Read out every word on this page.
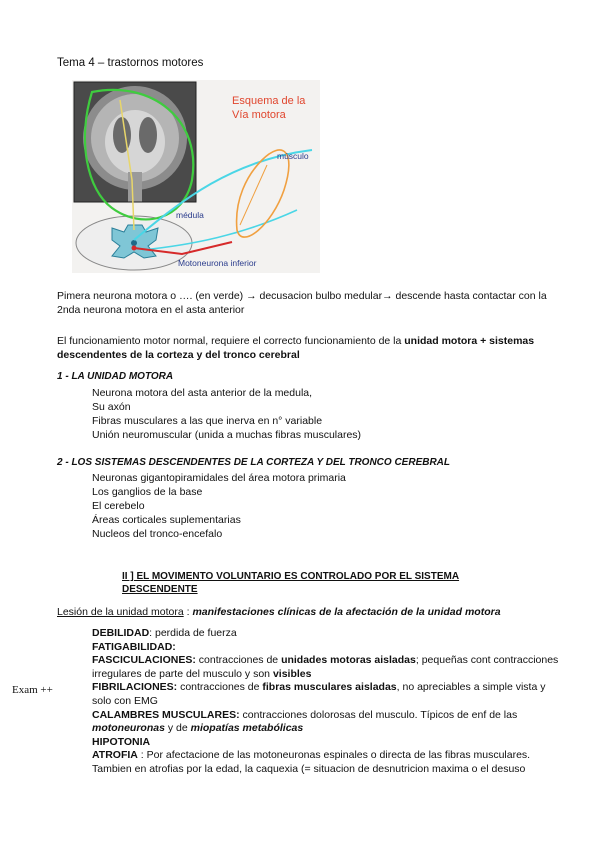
Tema 4 – trastornos motores
Esquema de la
Vía motora
músculo
médula
Motoneurona inferior
Pimera neurona motora o …. (en verde) → decusacion bulbo medular→ descende hasta contactar con la 2nda neurona motora en el asta anterior
El funcionamiento motor normal, requiere el correcto funcionamiento de la unidad motora + sistemas descendentes de la corteza y del tronco cerebral
1 - LA UNIDAD MOTORA
Neurona motora del asta anterior de la medula,
Su axón
Fibras musculares a las que inerva en n° variable
Unión neuromuscular (unida a muchas fibras musculares)
2 - LOS SISTEMAS DESCENDENTES DE LA CORTEZA Y DEL TRONCO CEREBRAL
Neuronas gigantopiramidales del área motora primaria
Los ganglios de la base
El cerebelo
Áreas corticales suplementarias
Nucleos del tronco-encefalo
II ] EL MOVIMENTO VOLUNTARIO ES CONTROLADO POR EL SISTEMA DESCENDENTE
Lesión de la unidad motora : manifestaciones clínicas de la afectación de la unidad motora
DEBILIDAD: perdida de fuerza
FATIGABILIDAD:
FASCICULACIONES: contracciones de unidades motoras aisladas; pequeñas cont contracciones irregulares de parte del musculo y son visibles
FIBRILACIONES: contracciones de fibras musculares aisladas, no apreciables a simple vista y solo con EMG
CALAMBRES MUSCULARES: contracciones dolorosas del musculo. Típicos de enf de las motoneuronas y de miopatías metabólicas
HIPOTONIA
ATROFIA : Por afectacione de las motoneuronas espinales o directa de las fibras musculares. Tambien en atrofias por la edad, la caquexia (= situacion de desnutricion maxima o el desuso
Exam ++
